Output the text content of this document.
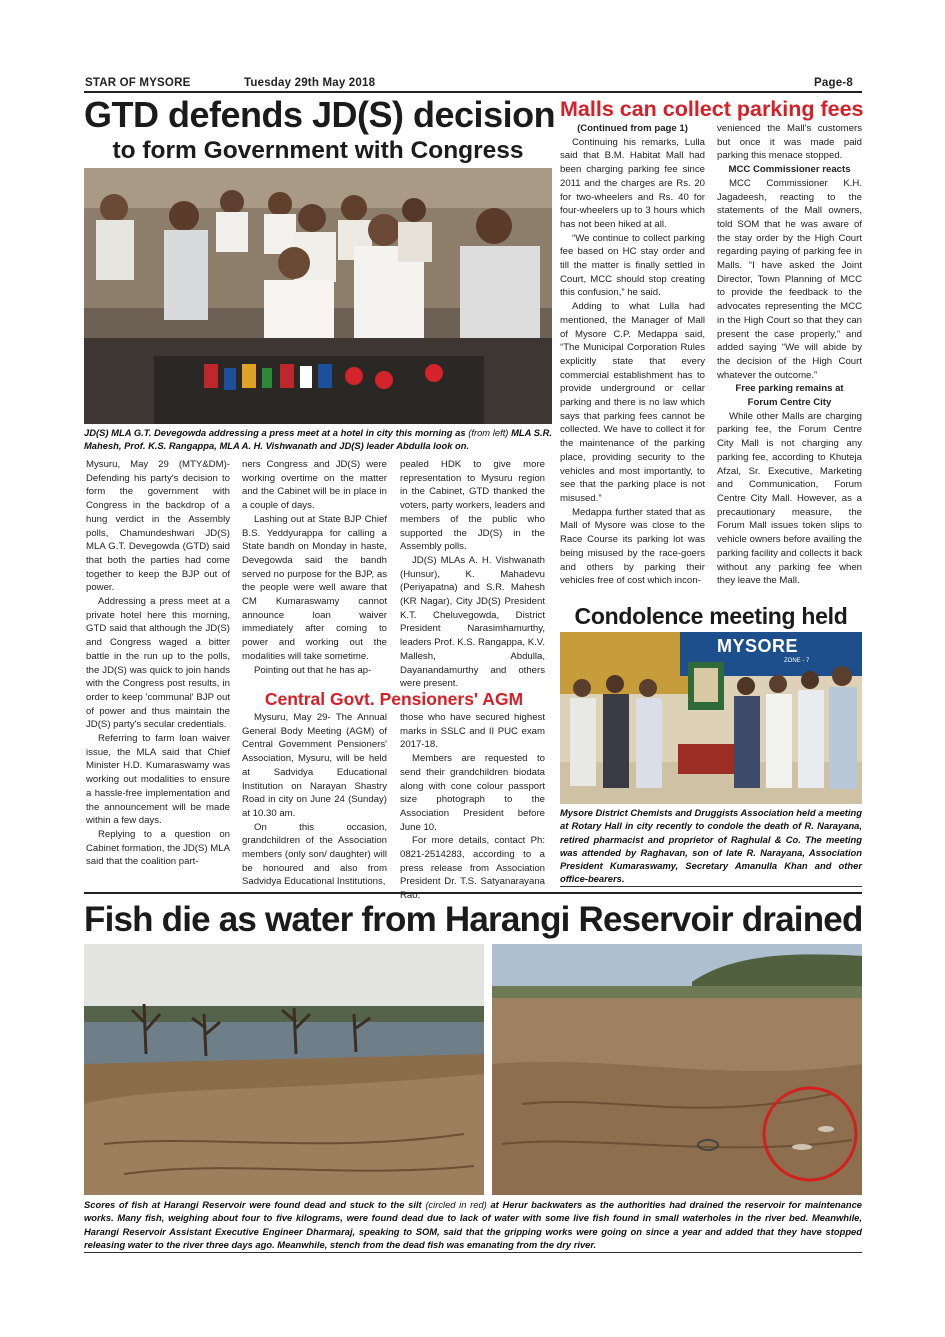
STAR OF MYSORE	Tuesday 29th May 2018	Page-8
GTD defends JD(S) decision
to form Government with Congress
JD(S) MLA G.T. Devegowda addressing a press meet at a hotel in city this morning as (from left) MLA S.R. Mahesh, Prof. K.S. Rangappa, MLA A. H. Vishwanath and JD(S) leader Abdulla look on.

Mysuru, May 29 (MTY&DM)- Defending his party's decision to form the government with Congress in the backdrop of a hung verdict in the Assembly polls, Chamundeshwari JD(S) MLA G.T. Devegowda (GTD) said that both the parties had come together to keep the BJP out of power.

Addressing a press meet at a private hotel here this morning, GTD said that although the JD(S) and Congress waged a bitter battle in the run up to the polls, the JD(S) was quick to join hands with the Congress post results, in order to keep 'communal' BJP out of power and thus maintain the JD(S) party's secular credentials.

Referring to farm loan waiver issue, the MLA said that Chief Minister H.D. Kumaraswamy was working out modalities to ensure a hassle-free implementation and the announcement will be made within a few days.

Replying to a question on Cabinet formation, the JD(S) MLA said that the coalition part-

ners Congress and JD(S) were working overtime on the matter and the Cabinet will be in place in a couple of days.

Lashing out at State BJP Chief B.S. Yeddyurappa for calling a State bandh on Monday in haste, Devegowda said the bandh served no purpose for the BJP, as the people were well aware that CM Kumaraswamy cannot announce loan waiver immediately after coming to power and working out the modalities will take sometime.

Pointing out that he has ap-

pealed HDK to give more representation to Mysuru region in the Cabinet, GTD thanked the voters, party workers, leaders and members of the public who supported the JD(S) in the Assembly polls.

JD(S) MLAs A. H. Vishwanath (Hunsur), K. Mahadevu (Periyapatna) and S.R. Mahesh (KR Nagar), City JD(S) President K.T. Cheluvegowda, District President Narasimhamurthy, leaders Prof. K.S. Rangappa, K.V. Mallesh, Abdulla, Dayanandamurthy and others were present.

Central Govt. Pensioners' AGM

Mysuru, May 29- The Annual General Body Meeting (AGM) of Central Government Pensioners' Association, Mysuru, will be held at Sadvidya Educational Institution on Narayan Shastry Road in city on June 24 (Sunday) at 10.30 am.

On this occasion, grandchildren of the Association members (only son/ daughter) will be honoured and also from Sadvidya Educational Institutions,

those who have secured highest marks in SSLC and II PUC exam 2017-18.

Members are requested to send their grandchildren biodata along with cone colour passport size photograph to the Association President before June 10.

For more details, contact Ph: 0821-2514283, according to a press release from Association President Dr. T.S. Satyanarayana Rao.

Malls can collect parking fees

(Continued from page 1)

Continuing his remarks, Lulla said that B.M. Habitat Mall had been charging parking fee since 2011 and the charges are Rs. 20 for two-wheelers and Rs. 40 for four-wheelers up to 3 hours which has not been hiked at all.

“We continue to collect parking fee based on HC stay order and till the matter is finally settled in Court, MCC should stop creating this confusion,” he said.

Adding to what Lulla had mentioned, the Manager of Mall of Mysore C.P. Medappa said, “The Municipal Corporation Rules explicitly state that every commercial establishment has to provide underground or cellar parking and there is no law which says that parking fees cannot be collected. We have to collect it for the maintenance of the parking place, providing security to the vehicles and most importantly, to see that the parking place is not misused.”

Medappa further stated that as Mall of Mysore was close to the Race Course its parking lot was being misused by the race-goers and others by parking their vehicles free of cost which incon-

venienced the Mall's customers but once it was made paid parking this menace stopped.

MCC Commissioner reacts

MCC Commissioner K.H. Jagadeesh, reacting to the statements of the Mall owners, told SOM that he was aware of the stay order by the High Court regarding paying of parking fee in Malls. “I have asked the Joint Director, Town Planning of MCC to provide the feedback to the advocates representing the MCC in the High Court so that they can present the case properly,” and added saying “We will abide by the decision of the High Court whatever the outcome.”

Free parking remains at

Forum Centre City

While other Malls are charging parking fee, the Forum Centre City Mall is not charging any parking fee, according to Khuteja Afzal, Sr. Executive, Marketing and Communication, Forum Centre City Mall. However, as a precautionary measure, the Forum Mall issues token slips to vehicle owners before availing the parking facility and collects it back without any parking fee when they leave the Mall.

Condolence meeting held
MYSORE
ZONE - 7
Mysore District Chemists and Druggists Association held a meeting at Rotary Hall in city recently to condole the death of R. Narayana, retired pharmacist and proprietor of Raghulal & Co. The meeting was attended by Raghavan, son of late R. Narayana, Association President Kumaraswamy, Secretary Amanulla Khan and other office-bearers.
Fish die as water from Harangi Reservoir drained
Scores of fish at Harangi Reservoir were found dead and stuck to the silt (circled in red) at Herur backwaters as the authorities had drained the reservoir for maintenance works. Many fish, weighing about four to five kilograms, were found dead due to lack of water with some live fish found in small waterholes in the river bed. Meanwhile, Harangi Reservoir Assistant Executive Engineer Dharmaraj, speaking to SOM, said that the gripping works were going on since a year and added that they have stopped releasing water to the river three days ago. Meanwhile, stench from the dead fish was emanating from the dry river.
